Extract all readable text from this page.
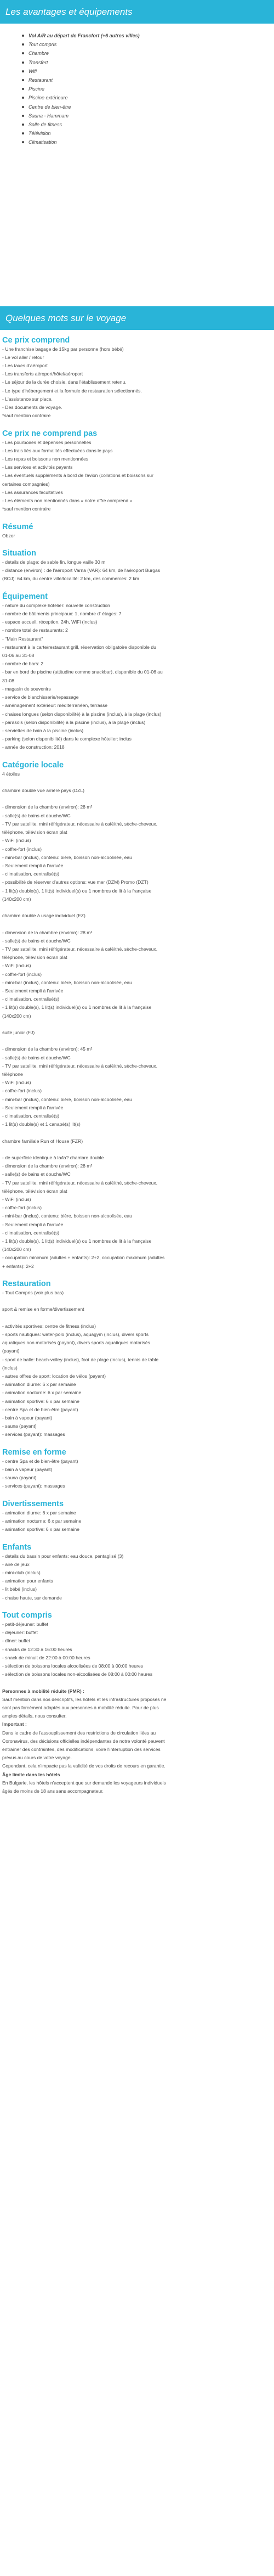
Les avantages et équipements
Vol A/R au départ de Francfort (+6 autres villes)
Tout compris
Chambre
Transfert
Wifi
Restaurant
Piscine
Piscine extérieure
Centre de bien-être
Sauna - Hammam
Salle de fitness
Télévision
Climatisation
Quelques mots sur le voyage
Ce prix comprend
- Une franchise bagage de 15kg par personne (hors bébé)
- Le vol aller / retour
- Les taxes d'aéroport
- Les transferts aéroport/hôtel/aéroport
- Le séjour de la durée choisie, dans l'établissement retenu.
- Le type d'hébergement et la formule de restauration sélectionnés.
- L'assistance sur place.
- Des documents de voyage.
*sauf mention contraire
Ce prix ne comprend pas
- Les pourboires et dépenses personnelles
- Les frais liés aux formalités effectuées dans le pays
- Les repas et boissons non mentionnées
- Les services et activités payants
- Les éventuels suppléments à bord de l'avion (collations et boissons sur
certaines compagnies)
- Les assurances facultatives
- Les éléments non mentionnés dans « notre offre comprend »
*sauf mention contraire
Résumé
Obzor
Situation
- details de plage: de sable fin, longue vaille 30 m
- distance (environ) : de l'aéroport Varna (VAR): 64 km, de l'aéroport Burgas
(BOJ): 64 km, du centre ville/localité: 2 km, des commerces: 2 km
Équipement
- nature du complexe hôtelier: nouvelle construction
- nombre de bâtiments principaux: 1, nombre d' étages: 7
- espace accueil, réception, 24h, WiFi (inclus)
- nombre total de restaurants: 2
- "Main Restaurant"
- restaurant à la carte/restaurant grill, réservation obligatoire disponible du
01-06 au 31-08
- nombre de bars: 2
- bar en bord de piscine (attitudine comme snackbar), disponible du 01-06 au
31-08
- magasin de souvenirs
- service de blanchisserie/repassage
- aménagement extérieur: méditerranéen, terrasse
- chaises longues (selon disponibilité) à la piscine (inclus), à la plage (inclus)
- parasols (selon disponibilité) à la piscine (inclus), à la plage (inclus)
- serviettes de bain à la piscine (inclus)
- parking (selon disponibilité) dans le complexe hôtelier: inclus
- année de construction: 2018
Catégorie locale
4 étoiles
chambre double vue arrière pays (DZL)
- dimension de la chambre (environ): 28 m²
- salle(s) de bains et douche/WC
- TV par satellite, mini réfrigérateur, nécessaire à café/thé, sèche-cheveux,
téléphone, télévision écran plat
- WiFi (inclus)
- coffre-fort (inclus)
- mini-bar (inclus), contenu: bière, boisson non-alcoolisée, eau
- Seulement rempli à l'arrivée
- climatisation, centralisé(s)
- possibilité de réserver d'autres options: vue mer (DZM) Promo (DZT)
- 1 lit(s) double(s), 1 lit(s) individuel(s) ou 1 nombres de lit à la française
(140x200 cm)
chambre double à usage individuel (EZ)
- dimension de la chambre (environ): 28 m²
- salle(s) de bains et douche/WC
- TV par satellite, mini réfrigérateur, nécessaire à café/thé, sèche-cheveux,
téléphone, télévision écran plat
- WiFi (inclus)
- coffre-fort (inclus)
- mini-bar (inclus), contenu: bière, boisson non-alcoolisée, eau
- Seulement rempli à l'arrivée
- climatisation, centralisé(s)
- 1 lit(s) double(s), 1 lit(s) individuel(s) ou 1 nombres de lit à la française
(140x200 cm)
suite junior (FJ)
- dimension de la chambre (environ): 45 m²
- salle(s) de bains et douche/WC
- TV par satellite, mini réfrigérateur, nécessaire à café/thé, sèche-cheveux,
téléphone
- WiFi (inclus)
- coffre-fort (inclus)
- mini-bar (inclus), contenu: bière, boisson non-alcoolisée, eau
- Seulement rempli à l'arrivée
- climatisation, centralisé(s)
- 1 lit(s) double(s) et 1 canapé(s) lit(s)
chambre familiale Run of House (FZR)
- de superficie identique à la/la? chambre double
- dimension de la chambre (environ): 28 m²
- salle(s) de bains et douche/WC
- TV par satellite, mini réfrigérateur, nécessaire à café/thé, sèche-cheveux,
téléphone, télévision écran plat
- WiFi (inclus)
- coffre-fort (inclus)
- mini-bar (inclus), contenu: bière, boisson non-alcoolisée, eau
- Seulement rempli à l'arrivée
- climatisation, centralisé(s)
- 1 lit(s) double(s), 1 lit(s) individuel(s) ou 1 nombres de lit à la française
(140x200 cm)
- occupation minimum (adultes + enfants): 2+2, occupation maximum (adultes
+ enfants): 2+2
Restauration
- Tout Compris (voir plus bas)
sport & remise en forme/divertissement
- activités sportives: centre de fitness (inclus)
- sports nautiques: water-polo (inclus), aquagym (inclus), divers sports
aquatiques non motorisés (payant), divers sports aquatiques motorisés
(payant)
- sport de balle: beach-volley (inclus), foot de plage (inclus), tennis de table
(inclus)
- autres offres de sport: location de vélos (payant)
- animation diurne: 6 x par semaine
- animation nocturne: 6 x par semaine
- animation sportive: 6 x par semaine
- centre Spa et de bien-être (payant)
- bain à vapeur (payant)
- sauna (payant)
- services (payant): massages
Remise en forme
- centre Spa et de bien-être (payant)
- bain à vapeur (payant)
- sauna (payant)
- services (payant): massages
Divertissements
- animation diurne: 6 x par semaine
- animation nocturne: 6 x par semaine
- animation sportive: 6 x par semaine
Enfants
- details du bassin pour enfants: eau douce, pentaglisé (3)
- aire de jeux
- mini-club (inclus)
- animation pour enfants
- lit bébé (inclus)
- chaise haute, sur demande
Tout compris
- petit-déjeuner: buffet
- déjeuner: buffet
- dîner: buffet
- snacks de 12:30 à 16:00 heures
- snack de minuit de 22:00 à 00:00 heures
- sélection de boissons locales alcoolisées de 08:00 à 00:00 heures
- sélection de boissons locales non-alcoolisées de 08:00 à 00:00 heures
Personnes à mobilité réduite (PMR) :
Sauf mention dans nos descriptifs, les hôtels et les infrastructures proposés ne
sont pas forcément adaptés aux personnes à mobilité réduite. Pour de plus
amples détails, nous consulter.
Important :
Dans le cadre de l'assouplissement des restrictions de circulation liées au
Coronavirus, des décisions officielles indépendantes de notre volonté peuvent
entraîner des contraintes, des modifications, voire l'interruption des services
prévus au cours de votre voyage.
Cependant, cela n'impacte pas la validité de vos droits de recours en garantie.
Âge limite dans les hôtels
En Bulgarie, les hôtels n'acceptent que sur demande les voyageurs individuels
âgés de moins de 18 ans sans accompagnateur.
